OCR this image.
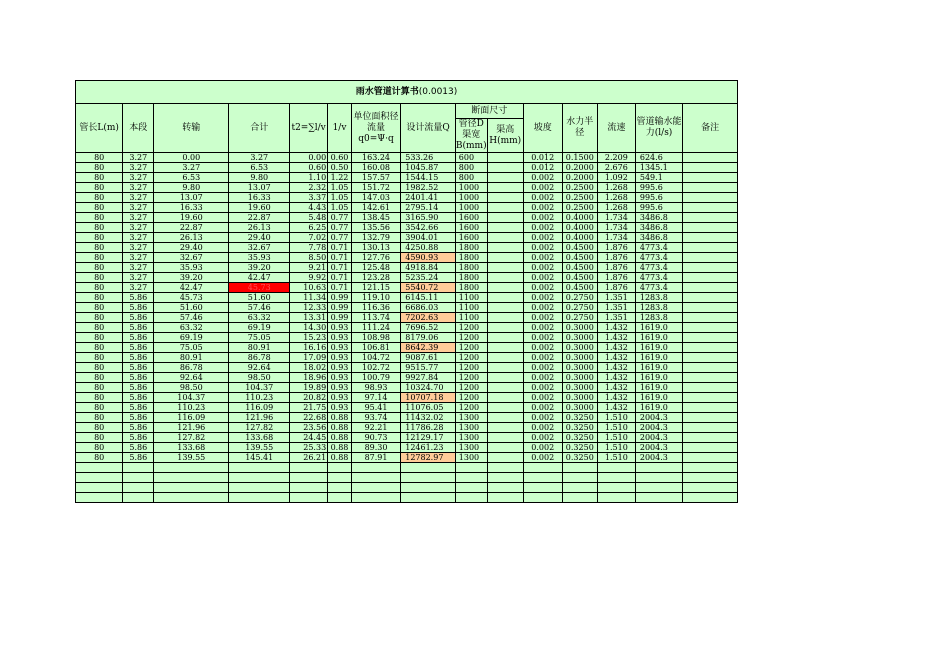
雨水管道计算书(0.0013)														
管长L(m)	本段	转输	合计	t2=∑l/v	1/v	单位面积径流量q0=Ψ·q	设计流量Q	断面尺寸		坡度	水力半径	流速	管道输水能力(l/s)	备注
								管径D渠宽B(mm)	渠高H(mm)					
80	3.27	0.00	3.27	0.00	0.60	163.24	533.26	600		0.012	0.1500	2.209	624.6	
80	3.27	3.27	6.53	0.60	0.50	160.08	1045.87	800		0.012	0.2000	2.676	1345.1	
80	3.27	6.53	9.80	1.10	1.22	157.57	1544.15	800		0.002	0.2000	1.092	549.1	
80	3.27	9.80	13.07	2.32	1.05	151.72	1982.52	1000		0.002	0.2500	1.268	995.6	
80	3.27	13.07	16.33	3.37	1.05	147.03	2401.41	1000		0.002	0.2500	1.268	995.6	
80	3.27	16.33	19.60	4.43	1.05	142.61	2795.14	1000		0.002	0.2500	1.268	995.6	
80	3.27	19.60	22.87	5.48	0.77	138.45	3165.90	1600		0.002	0.4000	1.734	3486.8	
80	3.27	22.87	26.13	6.25	0.77	135.56	3542.66	1600		0.002	0.4000	1.734	3486.8	
80	3.27	26.13	29.40	7.02	0.77	132.79	3904.01	1600		0.002	0.4000	1.734	3486.8	
80	3.27	29.40	32.67	7.78	0.71	130.13	4250.88	1800		0.002	0.4500	1.876	4773.4	
80	3.27	32.67	35.93	8.50	0.71	127.76	4590.93	1800		0.002	0.4500	1.876	4773.4	
80	3.27	35.93	39.20	9.21	0.71	125.48	4918.84	1800		0.002	0.4500	1.876	4773.4	
80	3.27	39.20	42.47	9.92	0.71	123.28	5235.24	1800		0.002	0.4500	1.876	4773.4	
80	3.27	42.47	45.73	10.63	0.71	121.15	5540.72	1800		0.002	0.4500	1.876	4773.4	
80	5.86	45.73	51.60	11.34	0.99	119.10	6145.11	1100		0.002	0.2750	1.351	1283.8	
80	5.86	51.60	57.46	12.33	0.99	116.36	6686.03	1100		0.002	0.2750	1.351	1283.8	
80	5.86	57.46	63.32	13.31	0.99	113.74	7202.63	1100		0.002	0.2750	1.351	1283.8	
80	5.86	63.32	69.19	14.30	0.93	111.24	7696.52	1200		0.002	0.3000	1.432	1619.0	
80	5.86	69.19	75.05	15.23	0.93	108.98	8179.06	1200		0.002	0.3000	1.432	1619.0	
80	5.86	75.05	80.91	16.16	0.93	106.81	8642.39	1200		0.002	0.3000	1.432	1619.0	
80	5.86	80.91	86.78	17.09	0.93	104.72	9087.61	1200		0.002	0.3000	1.432	1619.0	
80	5.86	86.78	92.64	18.02	0.93	102.72	9515.77	1200		0.002	0.3000	1.432	1619.0	
80	5.86	92.64	98.50	18.96	0.93	100.79	9927.84	1200		0.002	0.3000	1.432	1619.0	
80	5.86	98.50	104.37	19.89	0.93	98.93	10324.70	1200		0.002	0.3000	1.432	1619.0	
80	5.86	104.37	110.23	20.82	0.93	97.14	10707.18	1200		0.002	0.3000	1.432	1619.0	
80	5.86	110.23	116.09	21.75	0.93	95.41	11076.05	1200		0.002	0.3000	1.432	1619.0	
80	5.86	116.09	121.96	22.68	0.88	93.74	11432.02	1300		0.002	0.3250	1.510	2004.3	
80	5.86	121.96	127.82	23.56	0.88	92.21	11786.28	1300		0.002	0.3250	1.510	2004.3	
80	5.86	127.82	133.68	24.45	0.88	90.73	12129.17	1300		0.002	0.3250	1.510	2004.3	
80	5.86	133.68	139.55	25.33	0.88	89.30	12461.23	1300		0.002	0.3250	1.510	2004.3	
80	5.86	139.55	145.41	26.21	0.88	87.91	12782.97	1300		0.002	0.3250	1.510	2004.3	
